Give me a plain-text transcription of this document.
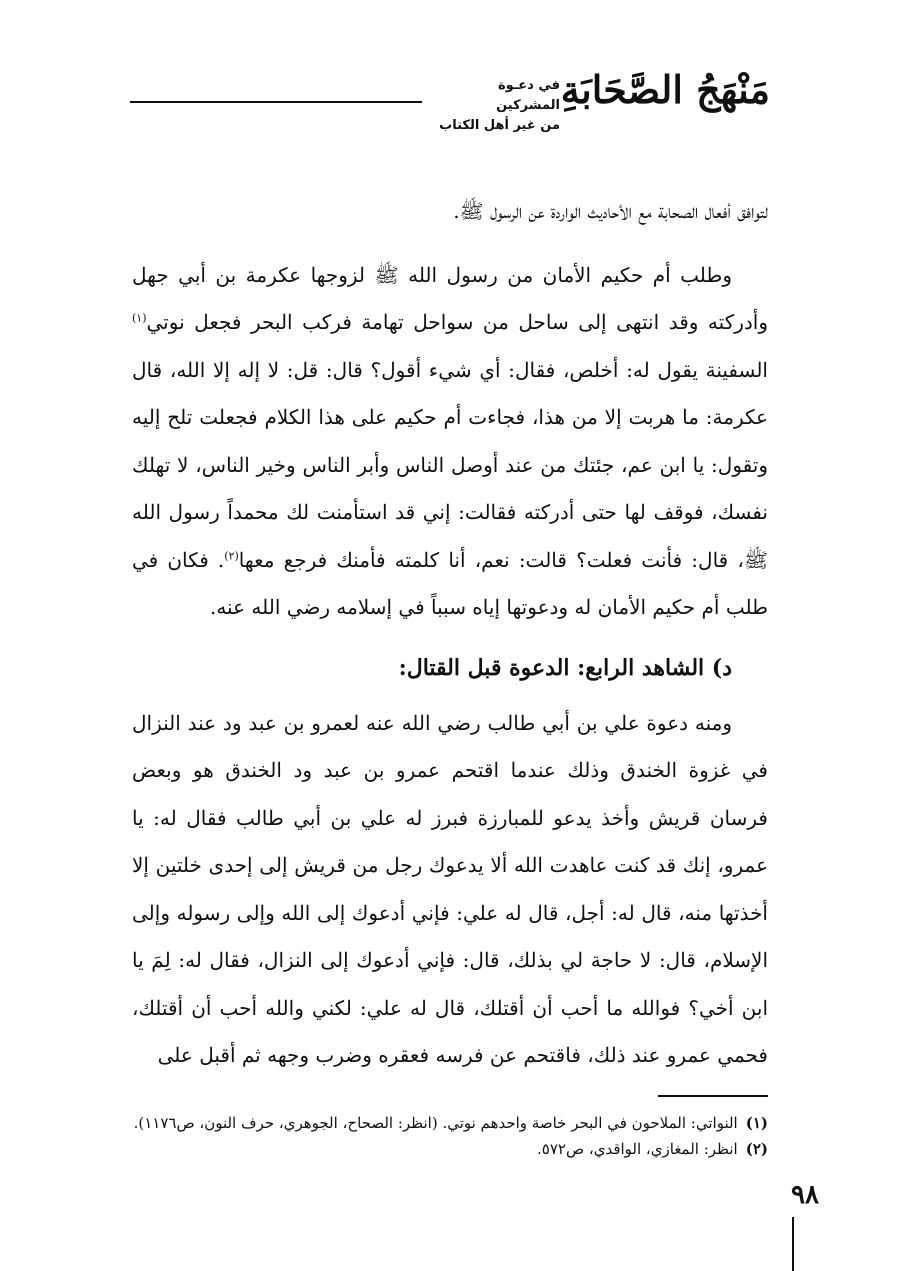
مَنْهَجُ الصَّحَابَةِ
في دعـوة المشركين
من غير أهل الكتاب

لتوافق أفعال الصحابة مع الأحاديث الواردة عن الرسول ﷺ.

وطلب أم حكيم الأمان من رسول الله ﷺ لزوجها عكرمة بن أبي جهل وأدركته وقد انتهى إلى ساحل من سواحل تهامة فركب البحر فجعل نوتي$^{(١)}$ السفينة يقول له: أخلص، فقال: أي شيء أقول؟ قال: قل: لا إله إلا الله، قال عكرمة: ما هربت إلا من هذا، فجاءت أم حكيم على هذا الكلام فجعلت تلح إليه وتقول: يا ابن عم، جئتك من عند أوصل الناس وأبر الناس وخير الناس، لا تهلك نفسك، فوقف لها حتى أدركته فقالت: إني قد استأمنت لك محمداً رسول الله ﷺ، قال: فأنت فعلت؟ قالت: نعم، أنا كلمته فأمنك فرجع معها$^{(٢)}$. فكان في طلب أم حكيم الأمان له ودعوتها إياه سبباً في إسلامه رضي الله عنه.

د) الشاهد الرابع: الدعوة قبل القتال:

ومنه دعوة علي بن أبي طالب رضي الله عنه لعمرو بن عبد ود عند النزال في غزوة الخندق وذلك عندما اقتحم عمرو بن عبد ود الخندق هو وبعض فرسان قريش وأخذ يدعو للمبارزة فبرز له علي بن أبي طالب فقال له: يا عمرو، إنك قد كنت عاهدت الله ألا يدعوك رجل من قريش إلى إحدى خلتين إلا أخذتها منه، قال له: أجل، قال له علي: فإني أدعوك إلى الله وإلى رسوله وإلى الإسلام، قال: لا حاجة لي بذلك، قال: فإني أدعوك إلى النزال، فقال له: لِمَ يا ابن أخي؟ فوالله ما أحب أن أقتلك، قال له علي: لكني والله أحب أن أقتلك، فحمي عمرو عند ذلك، فاقتحم عن فرسه فعقره وضرب وجهه ثم أقبل على

(١)النواتي: الملاحون في البحر خاصة واحدهم نوتي. (انظر: الصحاح، الجوهري، حرف النون، ص١١٧٦).

(٢)انظر: المغازي، الواقدي، ص٥٧٢.

٩٨
